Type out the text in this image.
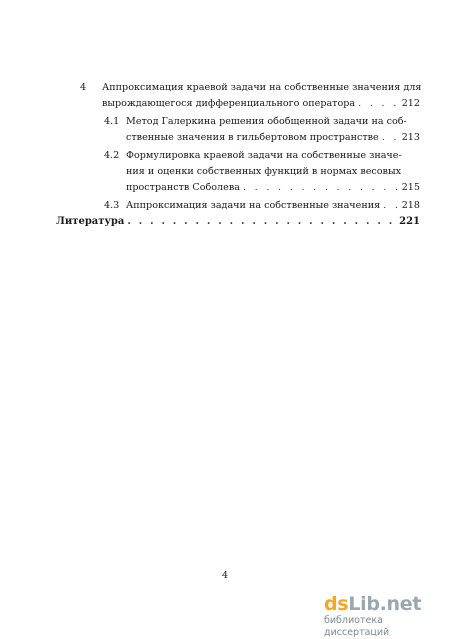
4	Аппроксимация краевой задачи на собственные значения для
вырождающегося дифференциального оператора . . .	212
4.1 Метод Галеркина решения обобщенной задачи на соб-
ственные значения в гильбертовом пространстве . . . 213
4.2 Формулировка краевой задачи на собственные значе-
ния и оценки собственных функций в нормах весовых
пространств Соболева . . .	215
4.3 Аппроксимация задачи на собственные значения . . . 218
Литература . . .	221
4
dsLib.net
библиотека диссертаций
